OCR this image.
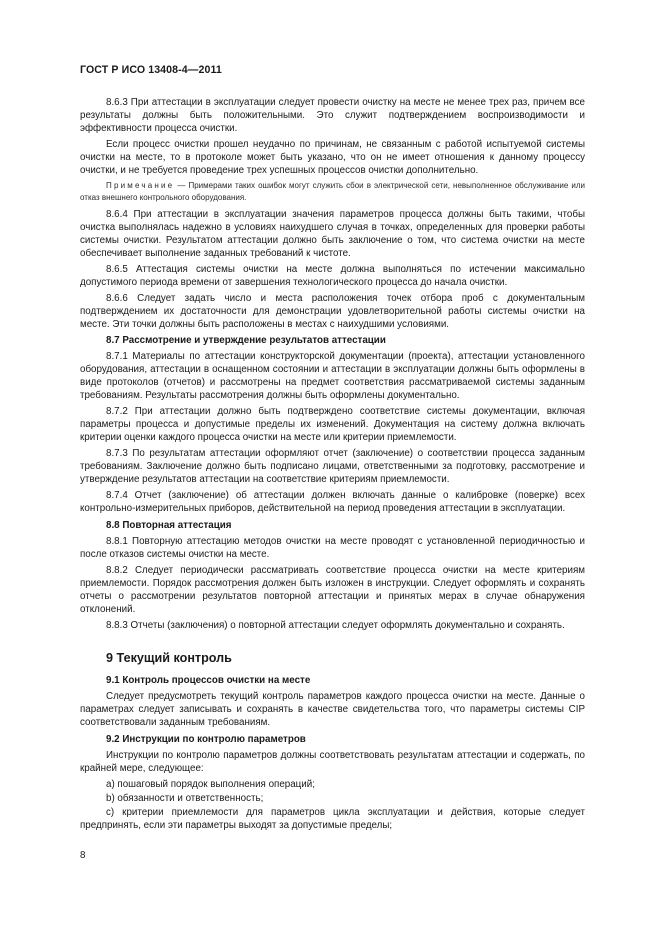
ГОСТ Р ИСО 13408-4—2011

8.6.3 При аттестации в эксплуатации следует провести очистку на месте не менее трех раз, причем все результаты должны быть положительными. Это служит подтверждением воспроизводимости и эффективности процесса очистки.

Если процесс очистки прошел неудачно по причинам, не связанным с работой испытуемой системы очистки на месте, то в протоколе может быть указано, что он не имеет отношения к данному процессу очистки, и не требуется проведение трех успешных процессов очистки дополнительно.

Примечание — Примерами таких ошибок могут служить сбои в электрической сети, невыполненное обслуживание или отказ внешнего контрольного оборудования.

8.6.4 При аттестации в эксплуатации значения параметров процесса должны быть такими, чтобы очистка выполнялась надежно в условиях наихудшего случая в точках, определенных для проверки работы системы очистки. Результатом аттестации должно быть заключение о том, что система очистки на месте обеспечивает выполнение заданных требований к чистоте.

8.6.5 Аттестация системы очистки на месте должна выполняться по истечении максимально допустимого периода времени от завершения технологического процесса до начала очистки.

8.6.6 Следует задать число и места расположения точек отбора проб с документальным подтверждением их достаточности для демонстрации удовлетворительной работы системы очистки на месте. Эти точки должны быть расположены в местах с наихудшими условиями.

8.7 Рассмотрение и утверждение результатов аттестации

8.7.1 Материалы по аттестации конструкторской документации (проекта), аттестации установленного оборудования, аттестации в оснащенном состоянии и аттестации в эксплуатации должны быть оформлены в виде протоколов (отчетов) и рассмотрены на предмет соответствия рассматриваемой системы заданным требованиям. Результаты рассмотрения должны быть оформлены документально.

8.7.2 При аттестации должно быть подтверждено соответствие системы документации, включая параметры процесса и допустимые пределы их изменений. Документация на систему должна включать критерии оценки каждого процесса очистки на месте или критерии приемлемости.

8.7.3 По результатам аттестации оформляют отчет (заключение) о соответствии процесса заданным требованиям. Заключение должно быть подписано лицами, ответственными за подготовку, рассмотрение и утверждение результатов аттестации на соответствие критериям приемлемости.

8.7.4 Отчет (заключение) об аттестации должен включать данные о калибровке (поверке) всех контрольно-измерительных приборов, действительной на период проведения аттестации в эксплуатации.

8.8 Повторная аттестация

8.8.1 Повторную аттестацию методов очистки на месте проводят с установленной периодичностью и после отказов системы очистки на месте.

8.8.2 Следует периодически рассматривать соответствие процесса очистки на месте критериям приемлемости. Порядок рассмотрения должен быть изложен в инструкции. Следует оформлять и сохранять отчеты о рассмотрении результатов повторной аттестации и принятых мерах в случае обнаружения отклонений.

8.8.3 Отчеты (заключения) о повторной аттестации следует оформлять документально и сохранять.

9 Текущий контроль

9.1 Контроль процессов очистки на месте

Следует предусмотреть текущий контроль параметров каждого процесса очистки на месте. Данные о параметрах следует записывать и сохранять в качестве свидетельства того, что параметры системы CIP соответствовали заданным требованиям.

9.2 Инструкции по контролю параметров

Инструкции по контролю параметров должны соответствовать результатам аттестации и содержать, по крайней мере, следующее:

a) пошаговый порядок выполнения операций;

b) обязанности и ответственность;

c) критерии приемлемости для параметров цикла эксплуатации и действия, которые следует предпринять, если эти параметры выходят за допустимые пределы;

8
